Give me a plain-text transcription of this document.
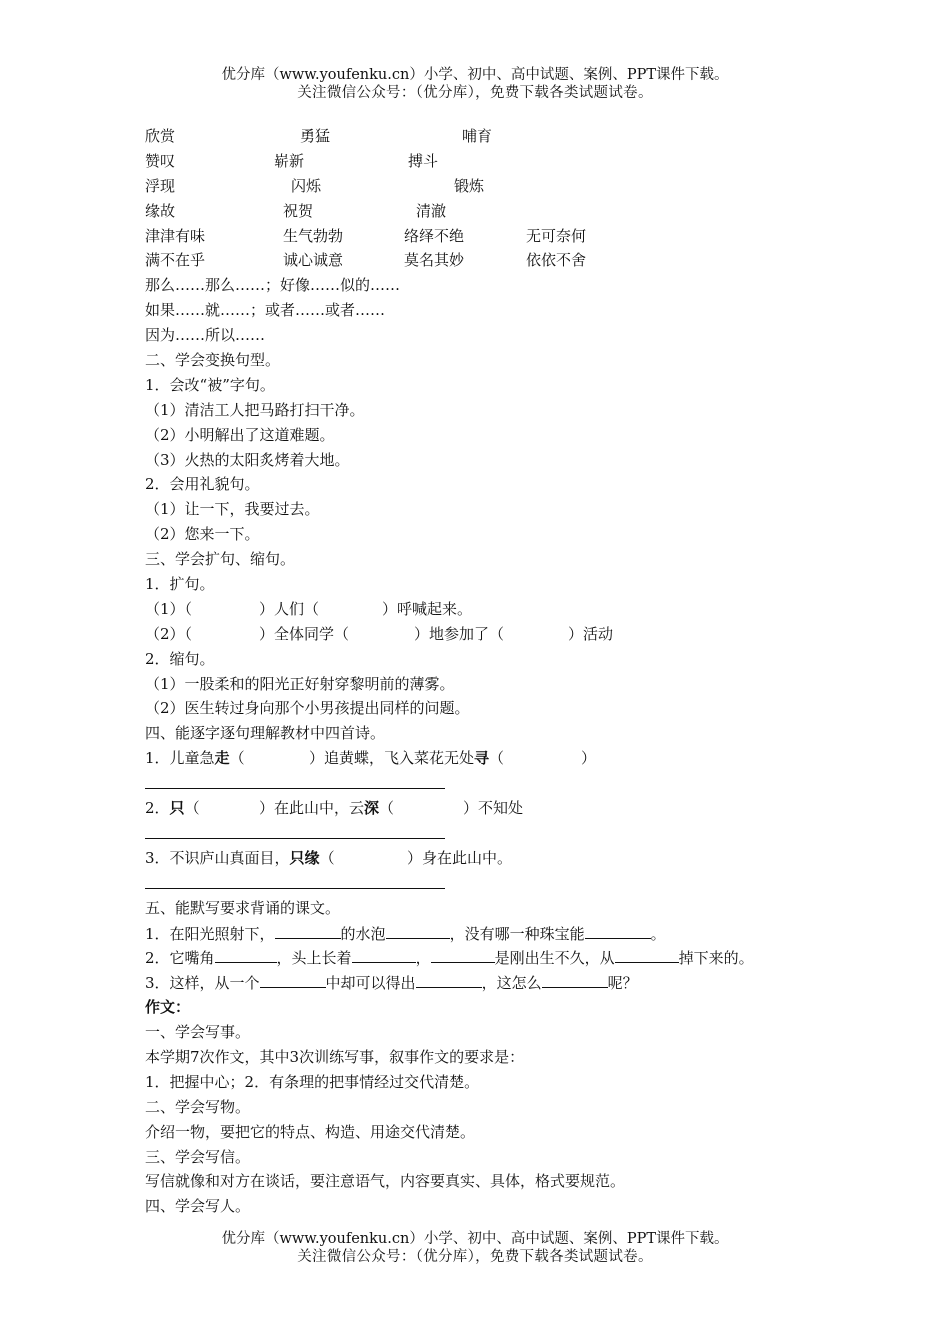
优分库（www.youfenku.cn）小学、初中、高中试题、案例、PPT课件下载。
关注微信公众号：（优分库），免费下载各类试题试卷。
欣赏	勇猛	哺育
赞叹	崭新	搏斗
浮现	闪烁	锻炼
缘故	祝贺	清澈
津津有味	生气勃勃	络绎不绝	无可奈何
满不在乎	诚心诚意	莫名其妙	依依不舍
那么……那么……；好像……似的……
如果……就……；或者……或者……
因为……所以……
二、学会变换句型。
1．会改“被”字句。
（1）清洁工人把马路打扫干净。
（2）小明解出了这道难题。
（3）火热的太阳炙烤着大地。
2．会用礼貌句。
（1）让一下，我要过去。
（2）您来一下。
三、学会扩句、缩句。
1．扩句。
（1）（	）人们（	）呼喊起来。
（2）（	）全体同学（	）地参加了（	）活动
2．缩句。
（1）一股柔和的阳光正好射穿黎明前的薄雾。
（2）医生转过身向那个小男孩提出同样的问题。
四、能逐字逐句理解教材中四首诗。
1．儿童急走（	）追黄蝶，飞入菜花无处寻（	）
2．只（	）在此山中，云深（	）不知处
3．不识庐山真面目，只缘（	）身在此山中。
五、能默写要求背诵的课文。
1．在阳光照射下，	的水泡	，没有哪一种珠宝能	。
2．它嘴角	，头上长着	，	是刚出生不久，从	掉下来的。
3．这样，从一个	中却可以得出	，这怎么	呢？
作文：
一、学会写事。
本学期7次作文，其中3次训练写事，叙事作文的要求是：
1．把握中心；2．有条理的把事情经过交代清楚。
二、学会写物。
介绍一物，要把它的特点、构造、用途交代清楚。
三、学会写信。
写信就像和对方在谈话，要注意语气，内容要真实、具体，格式要规范。
四、学会写人。
优分库（www.youfenku.cn）小学、初中、高中试题、案例、PPT课件下载。
关注微信公众号：（优分库），免费下载各类试题试卷。
